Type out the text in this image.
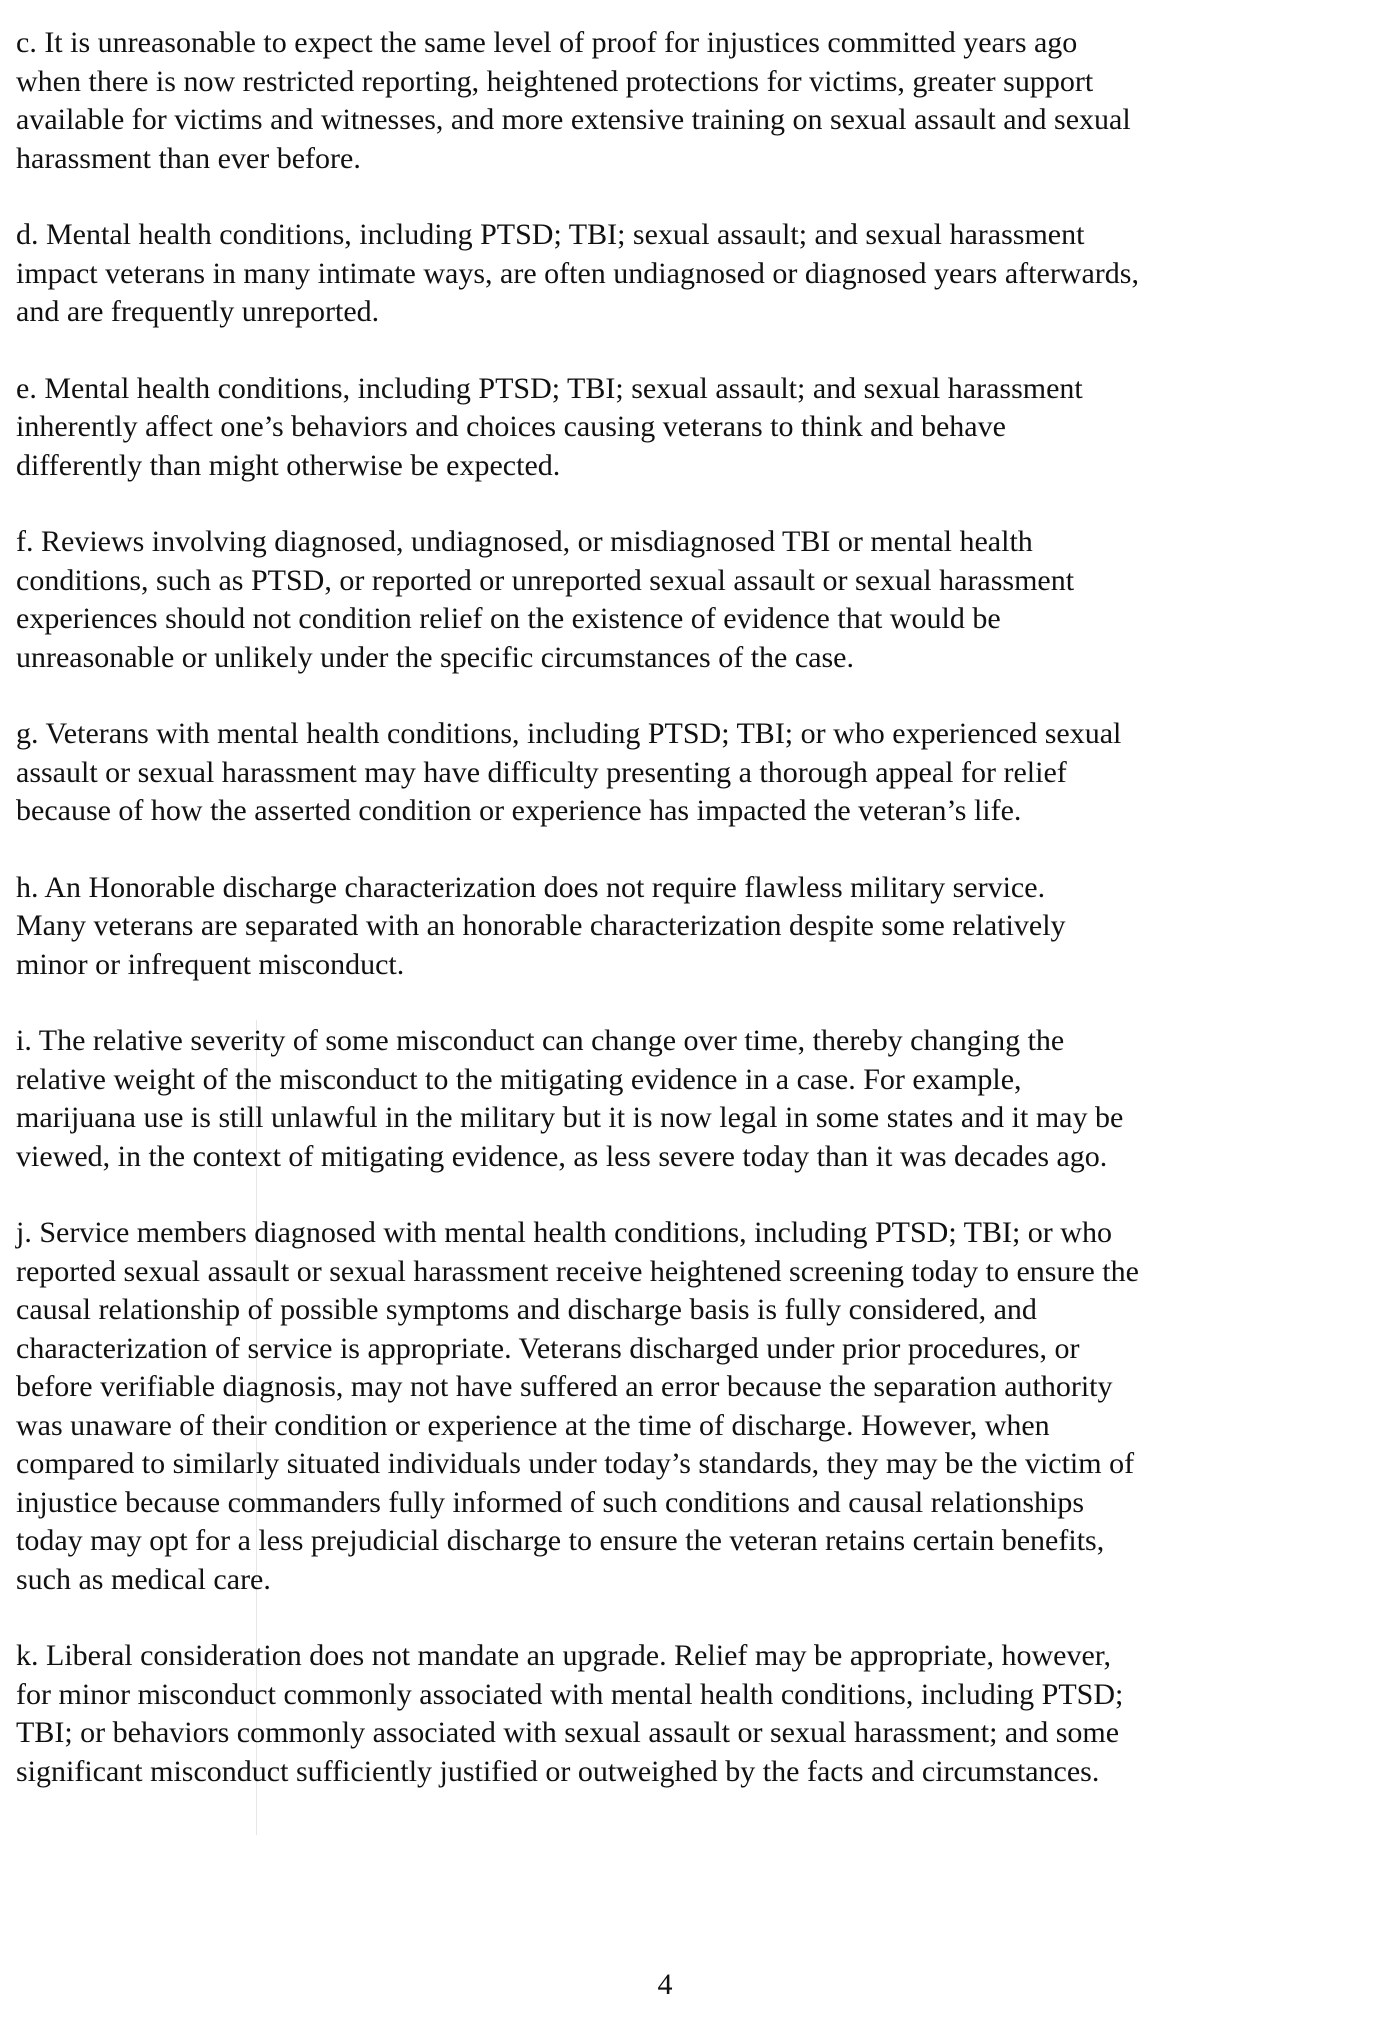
c. It is unreasonable to expect the same level of proof for injustices committed years ago
when there is now restricted reporting, heightened protections for victims, greater support
available for victims and witnesses, and more extensive training on sexual assault and sexual
harassment than ever before.

d. Mental health conditions, including PTSD; TBI; sexual assault; and sexual harassment
impact veterans in many intimate ways, are often undiagnosed or diagnosed years afterwards,
and are frequently unreported.

e. Mental health conditions, including PTSD; TBI; sexual assault; and sexual harassment
inherently affect one’s behaviors and choices causing veterans to think and behave
differently than might otherwise be expected.

f. Reviews involving diagnosed, undiagnosed, or misdiagnosed TBI or mental health
conditions, such as PTSD, or reported or unreported sexual assault or sexual harassment
experiences should not condition relief on the existence of evidence that would be
unreasonable or unlikely under the specific circumstances of the case.

g. Veterans with mental health conditions, including PTSD; TBI; or who experienced sexual
assault or sexual harassment may have difficulty presenting a thorough appeal for relief
because of how the asserted condition or experience has impacted the veteran’s life.

h. An Honorable discharge characterization does not require flawless military service.
Many veterans are separated with an honorable characterization despite some relatively
minor or infrequent misconduct.

i. The relative severity of some misconduct can change over time, thereby changing the
relative weight of the misconduct to the mitigating evidence in a case. For example,
marijuana use is still unlawful in the military but it is now legal in some states and it may be
viewed, in the context of mitigating evidence, as less severe today than it was decades ago.

j. Service members diagnosed with mental health conditions, including PTSD; TBI; or who
reported sexual assault or sexual harassment receive heightened screening today to ensure the
causal relationship of possible symptoms and discharge basis is fully considered, and
characterization of service is appropriate. Veterans discharged under prior procedures, or
before verifiable diagnosis, may not have suffered an error because the separation authority
was unaware of their condition or experience at the time of discharge. However, when
compared to similarly situated individuals under today’s standards, they may be the victim of
injustice because commanders fully informed of such conditions and causal relationships
today may opt for a less prejudicial discharge to ensure the veteran retains certain benefits,
such as medical care.

k. Liberal consideration does not mandate an upgrade. Relief may be appropriate, however,
for minor misconduct commonly associated with mental health conditions, including PTSD;
TBI; or behaviors commonly associated with sexual assault or sexual harassment; and some
significant misconduct sufficiently justified or outweighed by the facts and circumstances.

4
